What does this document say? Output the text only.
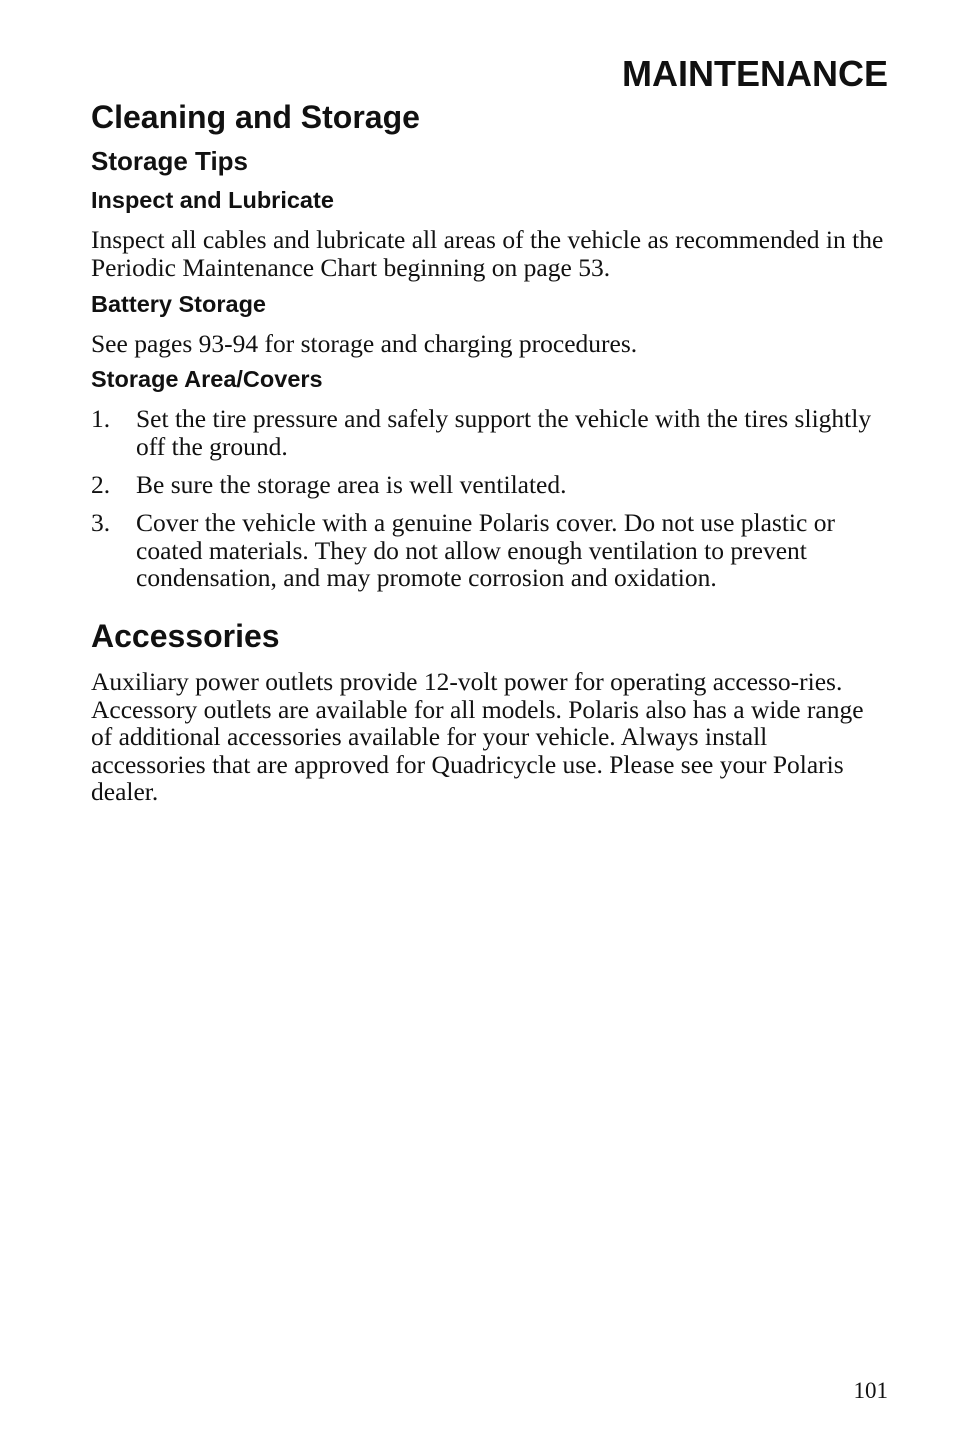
MAINTENANCE
Cleaning and Storage
Storage Tips
Inspect and Lubricate

Inspect all cables and lubricate all areas of the vehicle as recommended in the Periodic Maintenance Chart beginning on page 53.

Battery Storage

See pages 93-94 for storage and charging procedures.

Storage Area/Covers
1.	Set the tire pressure and safely support the vehicle with the tires slightly off the ground.
2.	Be sure the storage area is well ventilated.
3.	Cover the vehicle with a genuine Polaris cover. Do not use plastic or coated materials. They do not allow enough ventilation to prevent condensation, and may promote corrosion and oxidation.
Accessories

Auxiliary power outlets provide 12-volt power for operating accesso-ries. Accessory outlets are available for all models. Polaris also has a wide range of additional accessories available for your vehicle. Always install accessories that are approved for Quadricycle use. Please see your Polaris dealer.

101
